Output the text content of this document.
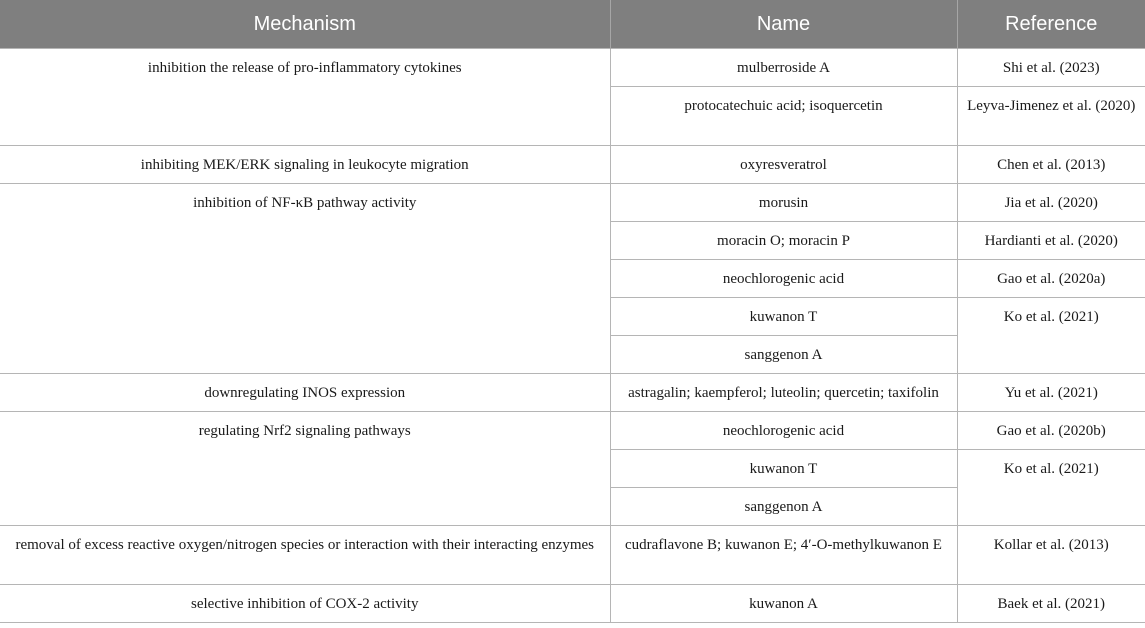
Mechanism	Name	Reference
inhibition the release of pro-inflammatory cytokines	mulberroside A	Shi et al. (2023)
	protocatechuic acid; isoquercetin	Leyva-Jimenez et al. (2020)
inhibiting MEK/ERK signaling in leukocyte migration	oxyresveratrol	Chen et al. (2013)
inhibition of NF-κB pathway activity	morusin	Jia et al. (2020)
	moracin O; moracin P	Hardianti et al. (2020)
	neochlorogenic acid	Gao et al. (2020a)
	kuwanon T	Ko et al. (2021)
	sanggenon A	
downregulating INOS expression	astragalin; kaempferol; luteolin; quercetin; taxifolin	Yu et al. (2021)
regulating Nrf2 signaling pathways	neochlorogenic acid	Gao et al. (2020b)
	kuwanon T	Ko et al. (2021)
	sanggenon A	
removal of excess reactive oxygen/nitrogen species or interaction with their interacting enzymes	cudraflavone B; kuwanon E; 4′-O-methylkuwanon E	Kollar et al. (2013)
selective inhibition of COX-2 activity	kuwanon A	Baek et al. (2021)
